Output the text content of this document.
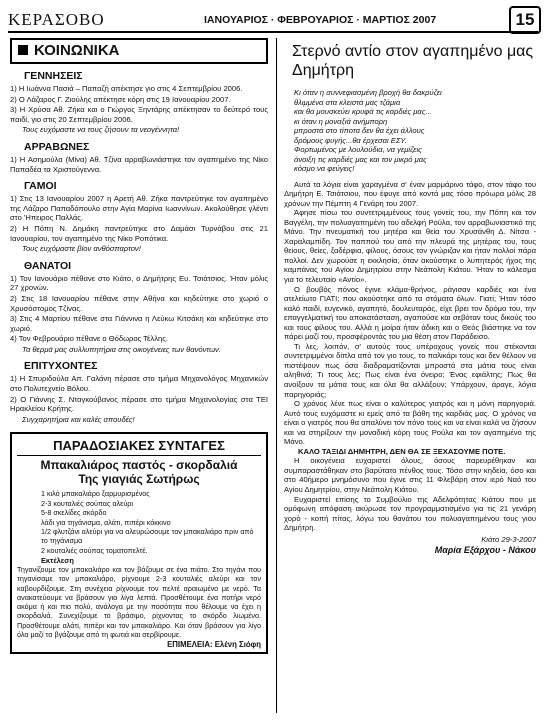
ΚΕΡΑΣΟΒΟ	ΙΑΝΟΥΑΡΙΟΣ · ΦΕΒΡΟΥΑΡΙΟΣ · ΜΑΡΤΙΟΣ 2007	15
ΚΟΙΝΩΝΙΚΑ
ΓΕΝΝΗΣΕΙΣ
1) Η Ιωάννα Πασιά – Παπαζή απέκτησε γιο στις 4 Σεπτεμβρίου 2006.
2) Ο Λάζαρος Γ. Ζιούλης απέκτησε κόρη στις 19 Ιανουαρίου 2007.
3) Η Χρύσα Αθ. Ζήκα και ο Γιώργος Ξηντάρης απέκτησαν το δεύτερό τους παιδί, γιο στις 20 Σεπτεμβρίου 2006.
Τους ευχόμαστε να τους ζήσουν τα νεογέννητα!
ΑΡΡΑΒΩΝΕΣ
1) Η Ασημούλα (Μίνα) Αθ. Τζίνα αρραβωνιάστηκε τον αγαπημένο της Νίκο Παπαδέα τα Χριστούγεννα.
ΓΑΜΟΙ
1) Στις 13 Ιανουαρίου 2007 η Αρετή Αθ. Ζήκα παντρεύτηκε τον αγαπημένο της Λάζαρο Παπαδόπουλο στην Αγία Μαρίνα Ιωαννίνων. Ακολούθησε γλέντι στο 'Ηπειρος Παλλάς.
2) Η Πόπη Ν. Δημάκη παντρεύτηκε στο Δαμάσι Τυρνάβου στις 21 Ιανουαρίου, τον αγαπημένο της Νίκο Ροπότικα.
Τους ευχόμαστε βίον ανθόσπαρτον!
ΘΑΝΑΤΟΙ
1) Τον Ιανουάριο πέθανε στο Κιάτο, ο Δημήτρης Ευ. Τσιάτσιος. Ήταν μόλις 27 χρονών.
2) Στις 18 Ιανουαρίου πέθανε στην Αθήνα και κηδεύτηκε στο χωριό ο Χρυσόστομος Τζίνας.
3) Στις 4 Μαρτίου πέθανε στα Γιάννινα η Λεύκω Κιτσάκη και κηδεύτηκε στο χωριό.
4) Τον Φεβρουάριο πέθανε ο Θόδωρος Τέλλης.
Τα θερμά μας συλλυπητήρια στις οικογένειες των θανόντων.
ΕΠΙΤΥΧΟΝΤΕΣ
1) Η Σπυριδούλα Απ. Γαλάνη πέρασε στο τμήμα Μηχανολόγος Μηχανικών στο Πολυτεχνείο Βόλου.
2) Ο Γιάννης Σ. Νταγκούβανος πέρασε στο τμήμα Μηχανολογίας στα ΤΕΙ Ηρακλείου Κρήτης.
Συγχαρητήρια και καλές σπουδές!
ΠΑΡΑΔΟΣΙΑΚΕΣ ΣΥΝΤΑΓΕΣ
Μπακαλιάρος παστός - σκορδαλιά
Της γιαγιάς Σωτήρως
1 κιλό μπακαλιάρο ξαρμυρισμένος
2-3 κουταλιές σούπας αλεύρι
5-8 σκελίδες σκόρδο
λάδι για τηγάνισμα, αλάτι, πιπέρι κόκκινο
1/2 φλυτζάνι αλεύρι για να αλευρώσουμε τον μπακαλιάρο πριν από το τηγάνισμα
2 κουταλιές σούπας τοματοπελτέ.
Εκτέλεση
Τηγανίζουμε τον μπακαλιάρο και τον βάζουμε σε ένα πιάτο. Στο τηγάνι που τηγανίσαμε τον μπακαλιάρο, ρίχνουμε 2-3 κουταλιές αλεύρι και τον καβουρδίζουμε. Στη συνέχεια ρίχνουμε τον πελτέ αραιωμένο με νερό. Τα ανακατεύουμε να βράσουν για λίγα λεπτά. Προσθέτουμε ένα ποτήρι νερό ακόμα ή και πιο πολύ, ανάλογα με την ποσότητα που θέλουμε να έχει η σκορδαλιά. Συνεχίζουμε το βράσιμο, ρίχνοντας το σκόρδο λιωμένο. Προσθέτουμε αλάτι, πιπέρι και τον μπακαλιάρο. Και όταν βράσουν για λίγο όλα μαζί τα βγάζουμε από τη φωτιά και σερβίρουμε.
ΕΠΙΜΕΛΕΙΑ: Ελένη Σιόφη
Στερνό αντίο στον αγαπημένο μας Δημήτρη
Κι όταν η συννεφιασμένη βροχή θα δακρύζει
θλιμμένα στα κλειστά μας τζάμια
και θα μουσκεύει κρυφά τις καρδιές μας...
κι όταν η μοναξιά ανήμπορη
μπροστά στο τίποτα δεν θα έχει άλλους
δρόμους φυγής...θα έρχεσαι ΕΣΥ.
Φορτωμένος με λουλούδια, να γεμίζεις
άνοιξη τις καρδιές μας και τον μικρό μας
κόσμο να φεύγεις!

Αυτά τα λόγια είναι χαραγμένα σ' έναν μαρμάρινο τάφο, στον τάφο του Δημήτρη Ε. Τσιάτσιου, που έφυγε από κοντά μας τόσο πρόωρα μόλις 28 χρόνων την Πέμπτη 4 Γενάρη του 2007.

Άφησε πίσω του συντετριμμένους τους γονείς του, την Πόπη και τον Βαγγέλη, την πολυαγαπημένη του αδελφή Ρούλα, τον αρραβωνιαστικό της Μάνο. Την πνευματική του μητέρα και θεία του Χρυσάνθη Δ. Νίτσα - Χαραλαμπίδη. Τον παππού του από την πλευρά της μητέρας του, τους θείους, θείες, ξαδέρφια, φίλους, όσους τον γνώριζαν και ήταν πολλοί πάρα πολλοί. Δεν χωρούσε η εκκλησία, όταν ακούστηκε ο λυπητερός ήχος της καμπάνας του Αγίου Δημητρίου στην Νεάπολη Κιάτου. Ήταν το κάλεσμα για το τελευταίο «Αντίο».

Ο βουβός πόνος έγινε κλάμα-θρήνος, ράγισαν καρδιές και ένα ατελείωτο ΓΙΑΤΙ; που ακούστηκε από τα στόματα όλων. Γιατί; Ήταν τόσο καλό παιδί, ευγενικό, αγαπητό, δουλευταράς, είχε βρει τον δρόμο του, την επαγγελματική του αποκατάσταση, αγαπούσε και σεβόταν τους δικούς του και τους φίλους του. Αλλά η μοίρα ήταν άδικη και ο Θεός βιάστηκε να τον πάρει μαζί του, προσφέροντάς του μια θέση στον Παράδεισο.

Τι λες, λοιπόν, σ' αυτούς τους υπέροχους γονείς που στέκονται συντετριμμένοι δίπλα από τον γιο τους, το παλικάρι τους και δεν θέλουν να πιστέψουν πως όσα διαδραματίζονται μπροστά στα μάτια τους είναι αληθινά; Τι τους λες; Πως είναι ένα όνειρο; Ένας εφιάλτης; Πως θα ανοίξουν τα μάτια τους και όλα θα αλλάξουν; Υπάρχουν, άραγε, λόγια παρηγοριάς;

Ο χρόνος λένε πως είναι ο καλύτερος γιατρός και η μόνη παρηγοριά. Αυτό τους ευχόμαστε κι εμείς από τα βάθη της καρδιάς μας. Ο χρόνος να είναι ο γιατρός που θα απαλύνει τον πόνο τους και να είναι καλά να ζήσουν και να στηρίξουν την μοναδική κόρη τους Ρούλα και τον αγαπημένο της Μάνο.

ΚΑΛΟ ΤΑΞΙΔΙ ΔΗΜΗΤΡΗ, ΔΕΝ ΘΑ ΣΕ ΞΕΧΑΣΟΥΜΕ ΠΟΤΕ.

Η οικογένεια ευχαριστεί όλους, όσους παρευρέθηκαν και συμπαραστάθηκαν στο βαρύτατο πένθος τους. Τόσο στην κηδεία, όσο και στο 40ήμερο μνημόσυνο που έγινε στις 11 Φλεβάρη στον ιερό Ναό του Αγίου Δημητρίου, στην Νεάπολη Κιάτου.

Ευχαριστεί επίσης το Συμβούλιο της Αδελφότητας Κιάτου που με ομόφωνη απόφαση ακύρωσε τον προγραμματισμένο για τις 21 γενάρη χορό - κοπή πίτας, λόγω του θανάτου του πολυαγαπημένου τους γιου Δημήτρη.

Κιάτο 29-3-2007
Μαρία Εξάρχου - Νάκου
